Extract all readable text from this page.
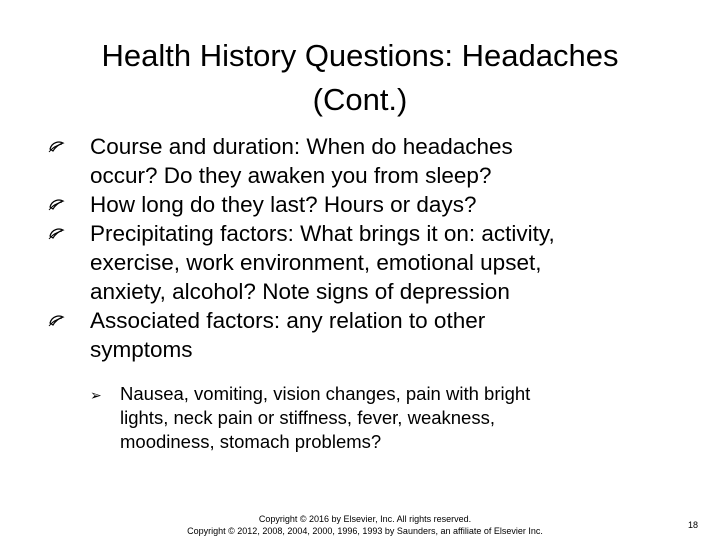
Health History Questions: Headaches
(Cont.)
Course and duration: When do headaches
occur? Do they awaken you from sleep?
How long do they last? Hours or days?
Precipitating factors: What brings it on: activity,
exercise, work environment, emotional upset,
anxiety, alcohol? Note signs of depression
Associated factors: any relation to other
symptoms
➢ Nausea, vomiting, vision changes, pain with bright
lights, neck pain or stiffness, fever, weakness,
moodiness, stomach problems?
Copyright © 2016 by Elsevier, Inc. All rights reserved.
Copyright © 2012, 2008, 2004, 2000, 1996, 1993 by Saunders, an affiliate of Elsevier Inc.
18
